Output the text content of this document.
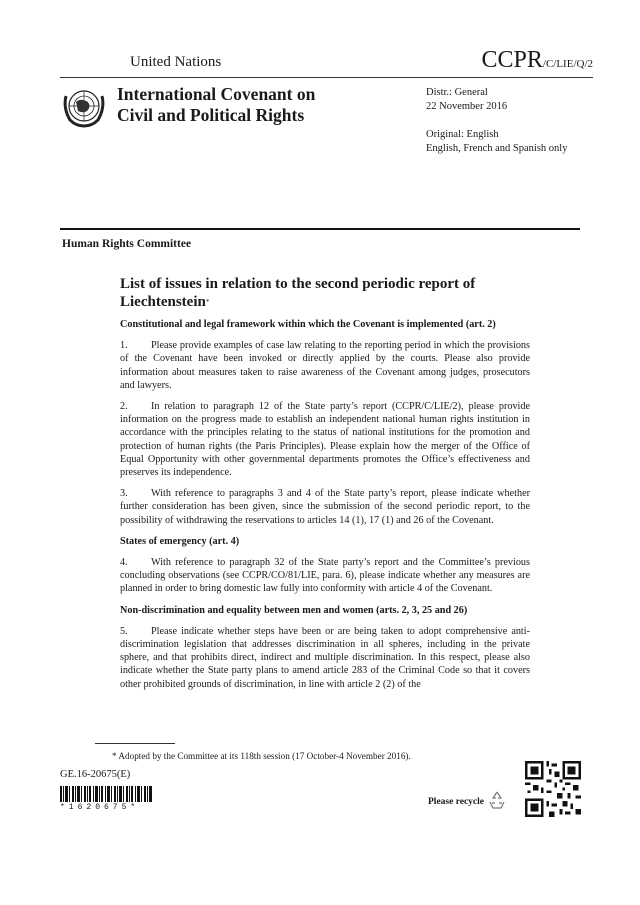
United Nations	CCPR/C/LIE/Q/2
International Covenant on
Civil and Political Rights
Distr.: General
22 November 2016
Original: English
English, French and Spanish only
Human Rights Committee
List of issues in relation to the second periodic report of
Liechtenstein*
Constitutional and legal framework within which the Covenant is implemented (art. 2)

1. Please provide examples of case law relating to the reporting period in which the provisions of the Covenant have been invoked or directly applied by the courts. Please also provide information about measures taken to raise awareness of the Covenant among judges, prosecutors and lawyers.

2. In relation to paragraph 12 of the State party’s report (CCPR/C/LIE/2), please provide information on the progress made to establish an independent national human rights institution in accordance with the principles relating to the status of national institutions for the promotion and protection of human rights (the Paris Principles). Please explain how the merger of the Office of Equal Opportunity with other governmental departments promotes the Office’s effectiveness and preserves its independence.

3. With reference to paragraphs 3 and 4 of the State party’s report, please indicate whether further consideration has been given, since the submission of the second periodic report, to the possibility of withdrawing the reservations to articles 14 (1), 17 (1) and 26 of the Covenant.

States of emergency (art. 4)

4. With reference to paragraph 32 of the State party’s report and the Committee’s previous concluding observations (see CCPR/CO/81/LIE, para. 6), please indicate whether any measures are planned in order to bring domestic law fully into conformity with article 4 of the Covenant.

Non-discrimination and equality between men and women (arts. 2, 3, 25 and 26)

5. Please indicate whether steps have been or are being taken to adopt comprehensive anti-discrimination legislation that addresses discrimination in all spheres, including in the private sphere, and that prohibits direct, indirect and multiple discrimination. In this respect, please also indicate whether the State party plans to amend article 283 of the Criminal Code so that it covers other prohibited grounds of discrimination, in line with article 2 (2) of the

* Adopted by the Committee at its 118th session (17 October-4 November 2016).
GE.16-20675(E)
*1620675*
Please recycle
